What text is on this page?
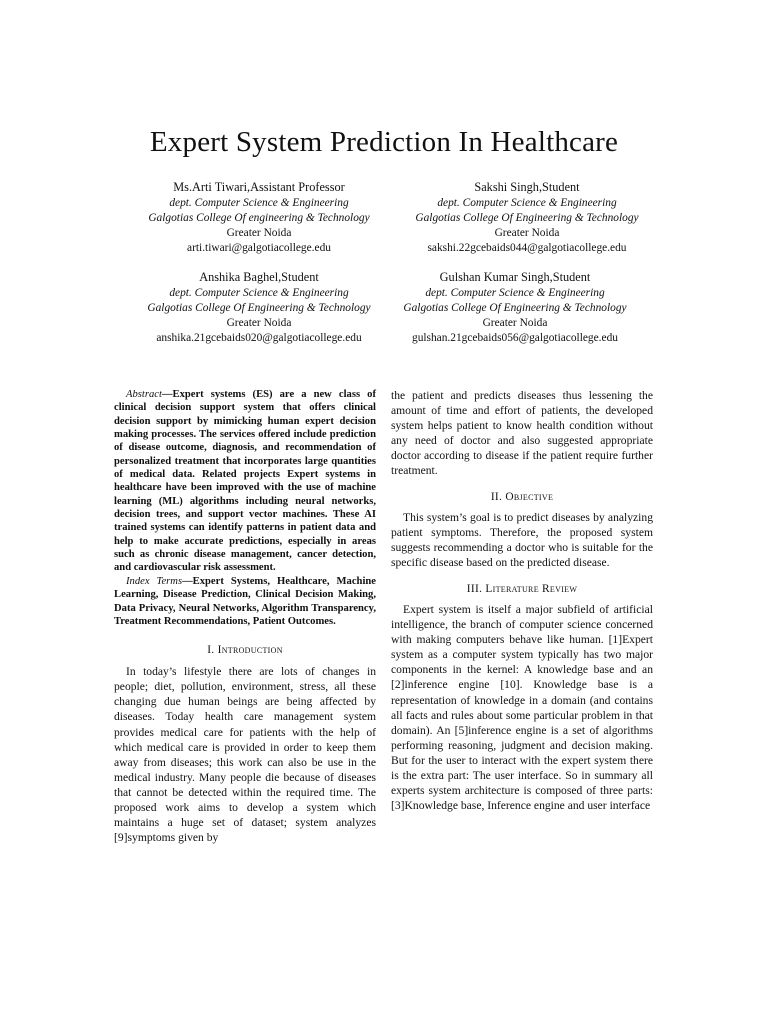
Expert System Prediction In Healthcare
Ms.Arti Tiwari,Assistant Professor
dept. Computer Science & Engineering
Galgotias College Of engineering & Technology
Greater Noida
arti.tiwari@galgotiacollege.edu
Sakshi Singh,Student
dept. Computer Science & Engineering
Galgotias College Of Engineering & Technology
Greater Noida
sakshi.22gcebaids044@galgotiacollege.edu
Anshika Baghel,Student
dept. Computer Science & Engineering
Galgotias College Of Engineering & Technology
Greater Noida
anshika.21gcebaids020@galgotiacollege.edu
Gulshan Kumar Singh,Student
dept. Computer Science & Engineering
Galgotias College Of Engineering & Technology
Greater Noida
gulshan.21gcebaids056@galgotiacollege.edu

Abstract—Expert systems (ES) are a new class of clinical decision support system that offers clinical decision support by mimicking human expert decision making processes. The services offered include prediction of disease outcome, diagnosis, and recommendation of personalized treatment that incorporates large quantities of medical data. Related projects Expert systems in healthcare have been improved with the use of machine learning (ML) algorithms including neural networks, decision trees, and support vector machines. These AI trained systems can identify patterns in patient data and help to make accurate predictions, especially in areas such as chronic disease management, cancer detection, and cardiovascular risk assessment.

Index Terms—Expert Systems, Healthcare, Machine Learning, Disease Prediction, Clinical Decision Making, Data Privacy, Neural Networks, Algorithm Transparency, Treatment Recommendations, Patient Outcomes.

I. Introduction

In today’s lifestyle there are lots of changes in people; diet, pollution, environment, stress, all these changing due human beings are being affected by diseases. Today health care management system provides medical care for patients with the help of which medical care is provided in order to keep them away from diseases; this work can also be use in the medical industry. Many people die because of diseases that cannot be detected within the required time. The proposed work aims to develop a system which maintains a huge set of dataset; system analyzes [9]symptoms given by

the patient and predicts diseases thus lessening the amount of time and effort of patients, the developed system helps patient to know health condition without any need of doctor and also suggested appropriate doctor according to disease if the patient require further treatment.

II. Objective

This system’s goal is to predict diseases by analyzing patient symptoms. Therefore, the proposed system suggests recommending a doctor who is suitable for the specific disease based on the predicted disease.

III. Literature Review

Expert system is itself a major subfield of artificial intelligence, the branch of computer science concerned with making computers behave like human. [1]Expert system as a computer system typically has two major components in the kernel: A knowledge base and an [2]inference engine [10]. Knowledge base is a representation of knowledge in a domain (and contains all facts and rules about some particular problem in that domain). An [5]inference engine is a set of algorithms performing reasoning, judgment and decision making. But for the user to interact with the expert system there is the extra part: The user interface. So in summary all experts system architecture is composed of three parts: [3]Knowledge base, Inference engine and user interface
